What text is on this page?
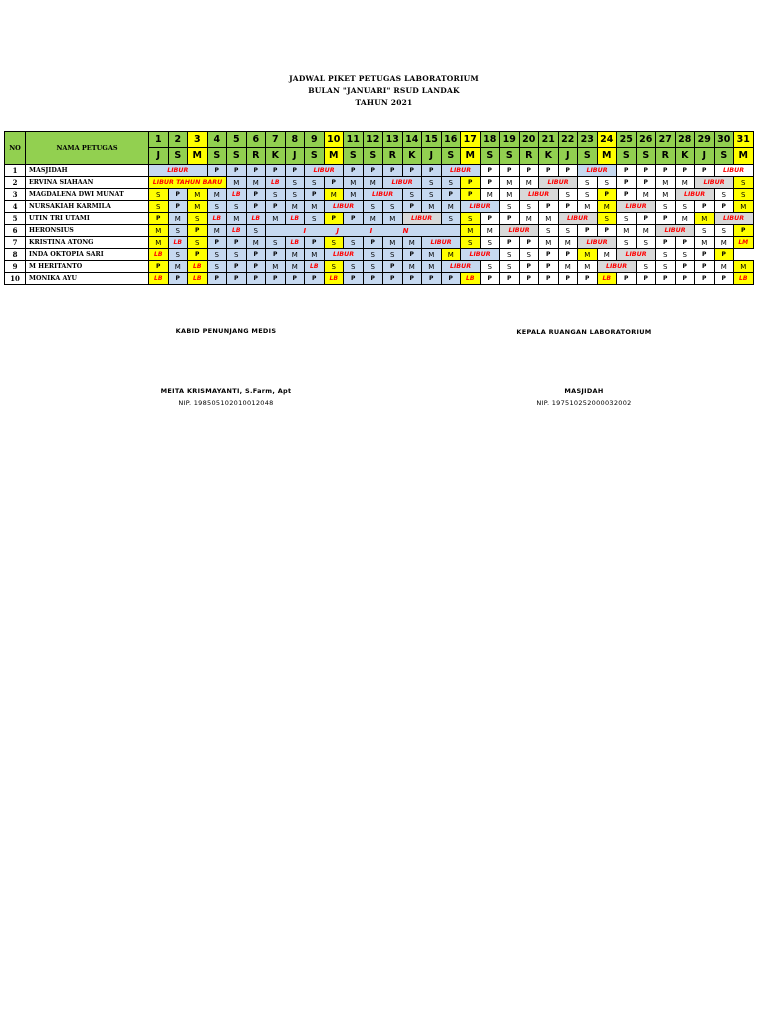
JADWAL PIKET PETUGAS LABORATORIUM
BULAN "JANUARI" RSUD LANDAK
TAHUN 2021
NO	NAMA PETUGAS	1	2	3	4	5	6	7	8	9	10	11	12	13	14	15	16	17	18	19	20	21	22	23	24	25	26	27	28	29	30	31
		J	S	M	S	S	R	K	J	S	M	S	S	R	K	J	S	M	S	S	R	K	J	S	M	S	S	R	K	J	S	M
1	MASJIDAH	LIBUR			P	P	P	P	P	LIBUR		P	P	P	P	P	LIBUR		P	P	P	P	P	LIBUR		P	P	P	P	P	LIBUR	
2	ERVINA SIAHAAN	LIBUR TAHUN BARU				M	M	LB	S	S	P	M	M	LIBUR		S	S	P	P	M	M	LIBUR		S	S	P	P	M	M	LIBUR		S
3	MAGDALENA DWI MUNAT	S	P	M	M	LB	P	S	S	P	M	M	LIBUR		S	S	P	P	M	M	LIBUR		S	S	P	P	M	M	LIBUR		S	S
4	NURSAKIAH KARMILA	S	P	M	S	S	P	P	M	M	LIBUR		S	S	P	M	M	LIBUR		S	S	P	P	M	M	LIBUR		S	S	P	P	M
5	UTIN TRI UTAMI	P	M	S	LB	M	LB	M	LB	S	P	P	M	M	LIBUR		S	S	P	P	M	M	LIBUR		S	S	P	P	M	M	LIBUR	
6	HERONSIUS	M	S	P	M	LB	S	I J I N										M	M	LIBUR		S	S	P	P	M	M	LIBUR		S	S	P
7	KRISTINA ATONG	M	LB	S	P	P	M	S	LB	P	S	S	P	M	M	LIBUR		S	S	P	P	M	M	LIBUR		S	S	P	P	M	M	LM
8	INDA OKTOPIA SARI	LB	S	P	S	S	P	P	M	M	LIBUR		S	S	P	M	M	LIBUR		S	S	P	P	M	M	LIBUR		S	S	P	P	
9	M HERITANTO	P	M	LB	S	P	P	M	M	LB	S	S	S	P	M	M	LIBUR		S	S	P	P	M	M	LIBUR		S	S	P	P	M	M
10	MONIKA AYU	LB	P	LB	P	P	P	P	P	P	LB	P	P	P	P	P	P	LB	P	P	P	P	P	P	LB	P	P	P	P	P	P	LB
KABID PENUNJANG MEDIS
MEITA KRISMAYANTI, S.Farm, Apt
NIP. 198505102010012048
KEPALA RUANGAN LABORATORIUM
MASJIDAH
NIP. 197510252000032002
